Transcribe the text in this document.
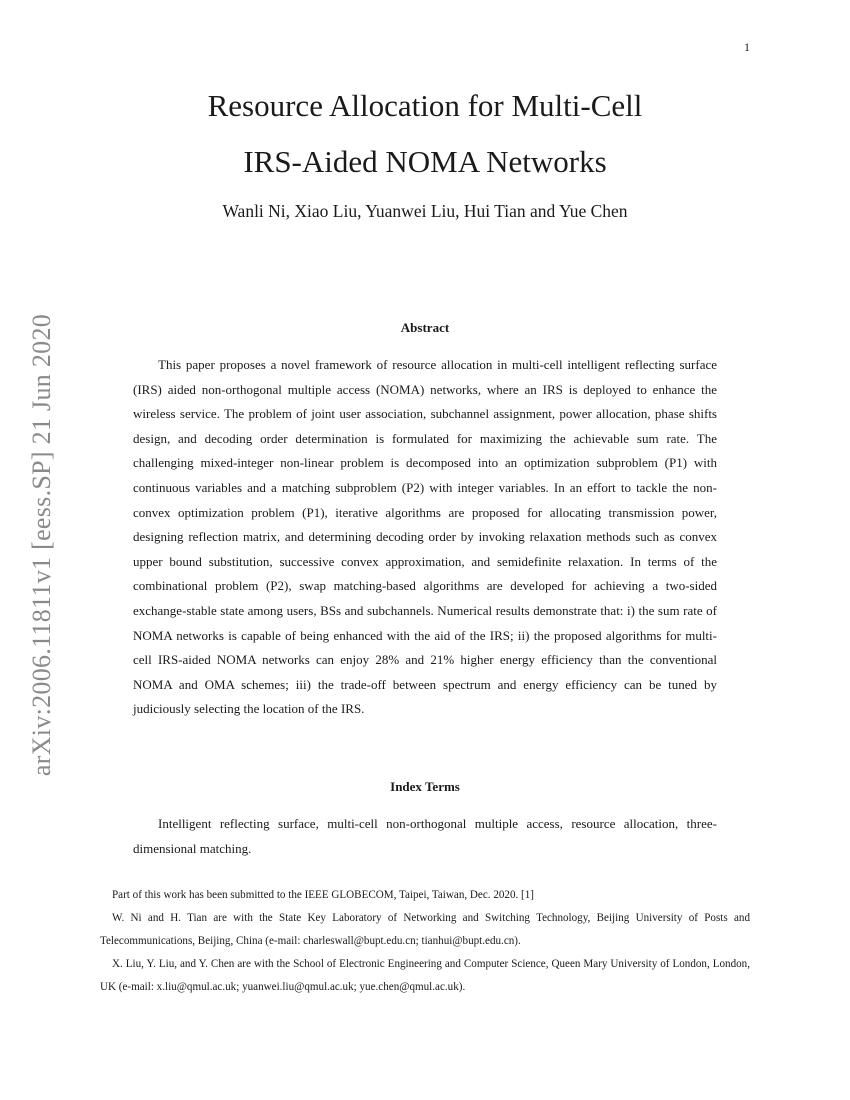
1
arXiv:2006.11811v1 [eess.SP] 21 Jun 2020
Resource Allocation for Multi-Cell
IRS-Aided NOMA Networks
Wanli Ni, Xiao Liu, Yuanwei Liu, Hui Tian and Yue Chen
Abstract

This paper proposes a novel framework of resource allocation in multi-cell intelligent reflecting surface (IRS) aided non-orthogonal multiple access (NOMA) networks, where an IRS is deployed to enhance the wireless service. The problem of joint user association, subchannel assignment, power allocation, phase shifts design, and decoding order determination is formulated for maximizing the achievable sum rate. The challenging mixed-integer non-linear problem is decomposed into an optimization subproblem (P1) with continuous variables and a matching subproblem (P2) with integer variables. In an effort to tackle the non-convex optimization problem (P1), iterative algorithms are proposed for allocating transmission power, designing reflection matrix, and determining decoding order by invoking relaxation methods such as convex upper bound substitution, successive convex approximation, and semidefinite relaxation. In terms of the combinational problem (P2), swap matching-based algorithms are developed for achieving a two-sided exchange-stable state among users, BSs and subchannels. Numerical results demonstrate that: i) the sum rate of NOMA networks is capable of being enhanced with the aid of the IRS; ii) the proposed algorithms for multi-cell IRS-aided NOMA networks can enjoy 28% and 21% higher energy efficiency than the conventional NOMA and OMA schemes; iii) the trade-off between spectrum and energy efficiency can be tuned by judiciously selecting the location of the IRS.

Index Terms

Intelligent reflecting surface, multi-cell non-orthogonal multiple access, resource allocation, three-dimensional matching.

Part of this work has been submitted to the IEEE GLOBECOM, Taipei, Taiwan, Dec. 2020. [1]

W. Ni and H. Tian are with the State Key Laboratory of Networking and Switching Technology, Beijing University of Posts and Telecommunications, Beijing, China (e-mail: charleswall@bupt.edu.cn; tianhui@bupt.edu.cn).

X. Liu, Y. Liu, and Y. Chen are with the School of Electronic Engineering and Computer Science, Queen Mary University of London, London, UK (e-mail: x.liu@qmul.ac.uk; yuanwei.liu@qmul.ac.uk; yue.chen@qmul.ac.uk).
